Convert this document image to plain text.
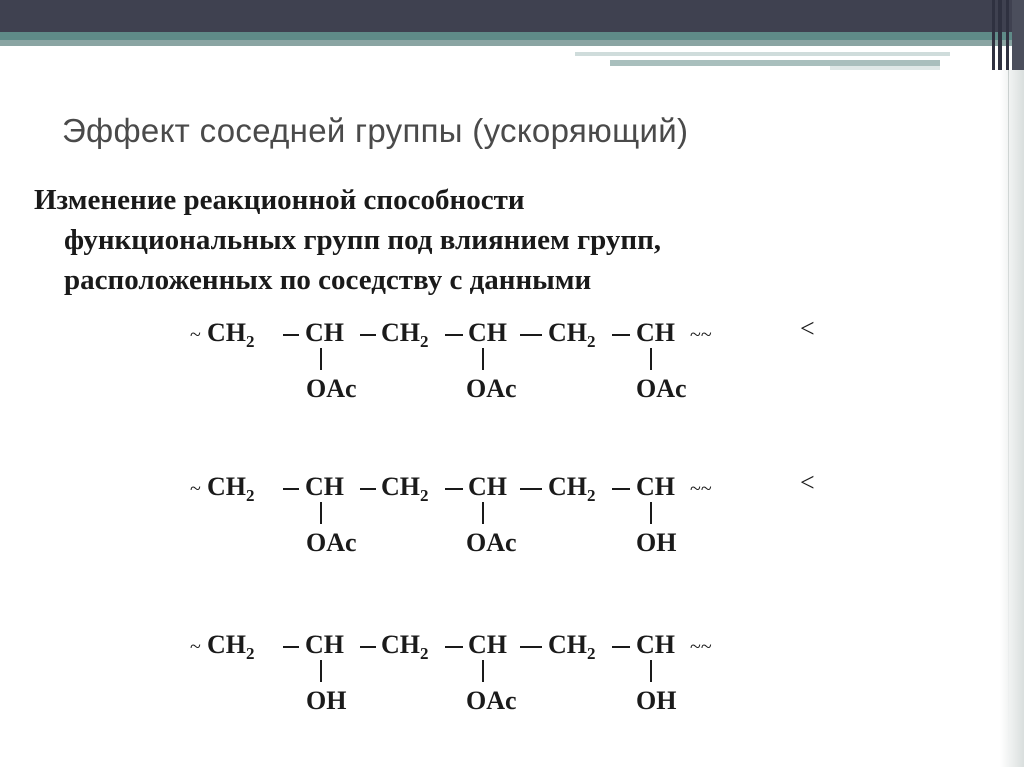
Эффект соседней группы (ускоряющий)
Изменение реакционной способности
функциональных групп под влиянием групп,
расположенных по соседству с данными
~ $CH_2$ CH $CH_2$ CH $CH_2$ CH ~~	<
OAc	OAc	OAc
~ $CH_2$ CH $CH_2$ CH $CH_2$ CH ~~	<
OAc	OAc	OH
~ $CH_2$ CH $CH_2$ CH $CH_2$ CH ~~
OH	OAc	OH
